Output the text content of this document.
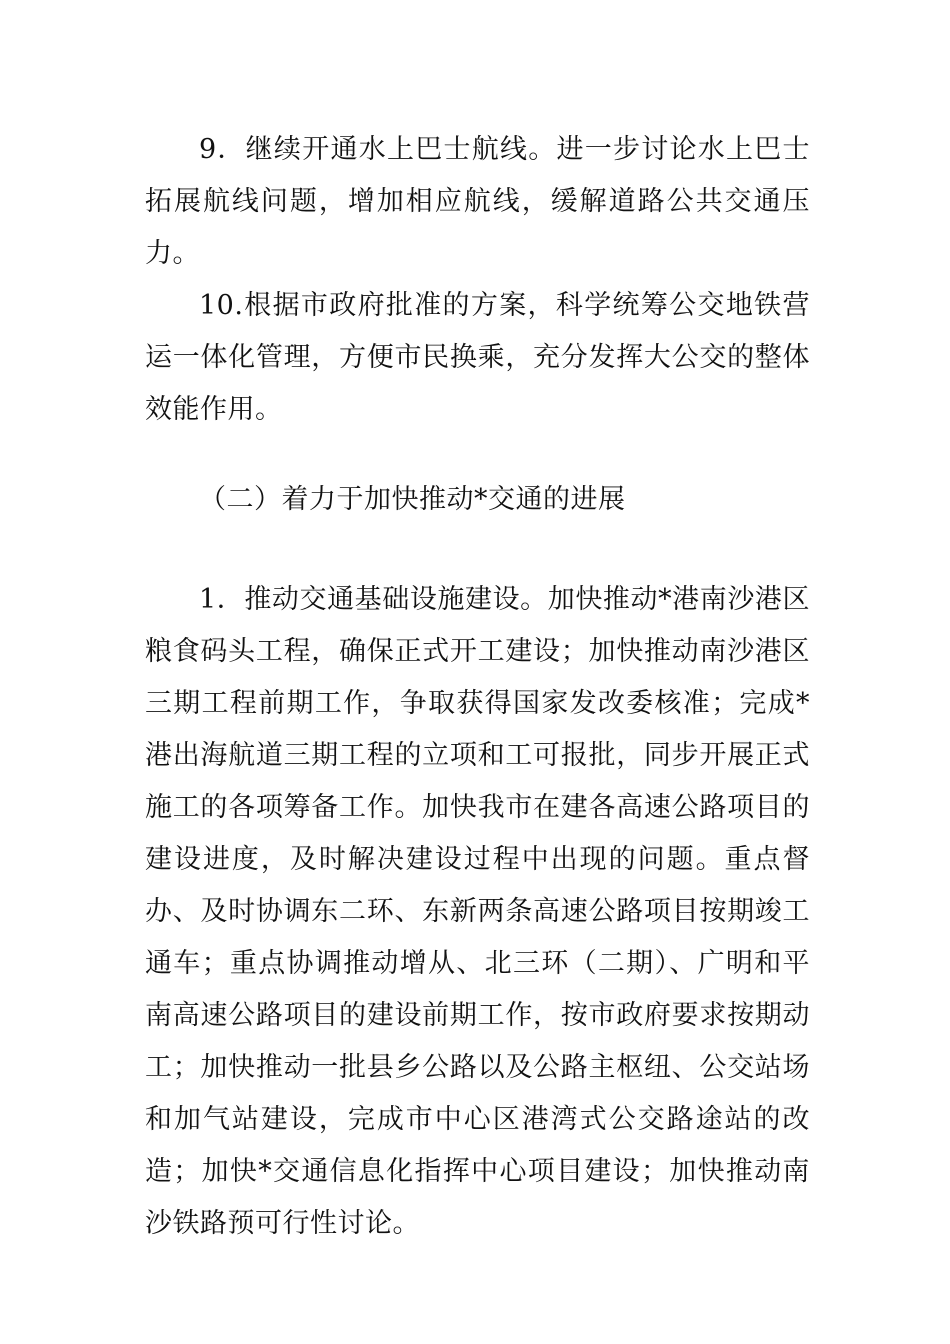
9．继续开通水上巴士航线。进一步讨论水上巴士拓展航线问题，增加相应航线，缓解道路公共交通压力。

10.根据市政府批准的方案，科学统筹公交地铁营运一体化管理，方便市民换乘，充分发挥大公交的整体效能作用。

（二）着力于加快推动*交通的进展

1．推动交通基础设施建设。加快推动*港南沙港区粮食码头工程，确保正式开工建设；加快推动南沙港区三期工程前期工作，争取获得国家发改委核准；完成*港出海航道三期工程的立项和工可报批，同步开展正式施工的各项筹备工作。加快我市在建各高速公路项目的建设进度，及时解决建设过程中出现的问题。重点督办、及时协调东二环、东新两条高速公路项目按期竣工通车；重点协调推动增从、北三环（二期）、广明和平南高速公路项目的建设前期工作，按市政府要求按期动工；加快推动一批县乡公路以及公路主枢纽、公交站场和加气站建设，完成市中心区港湾式公交路途站的改造；加快*交通信息化指挥中心项目建设；加快推动南沙铁路预可行性讨论。
